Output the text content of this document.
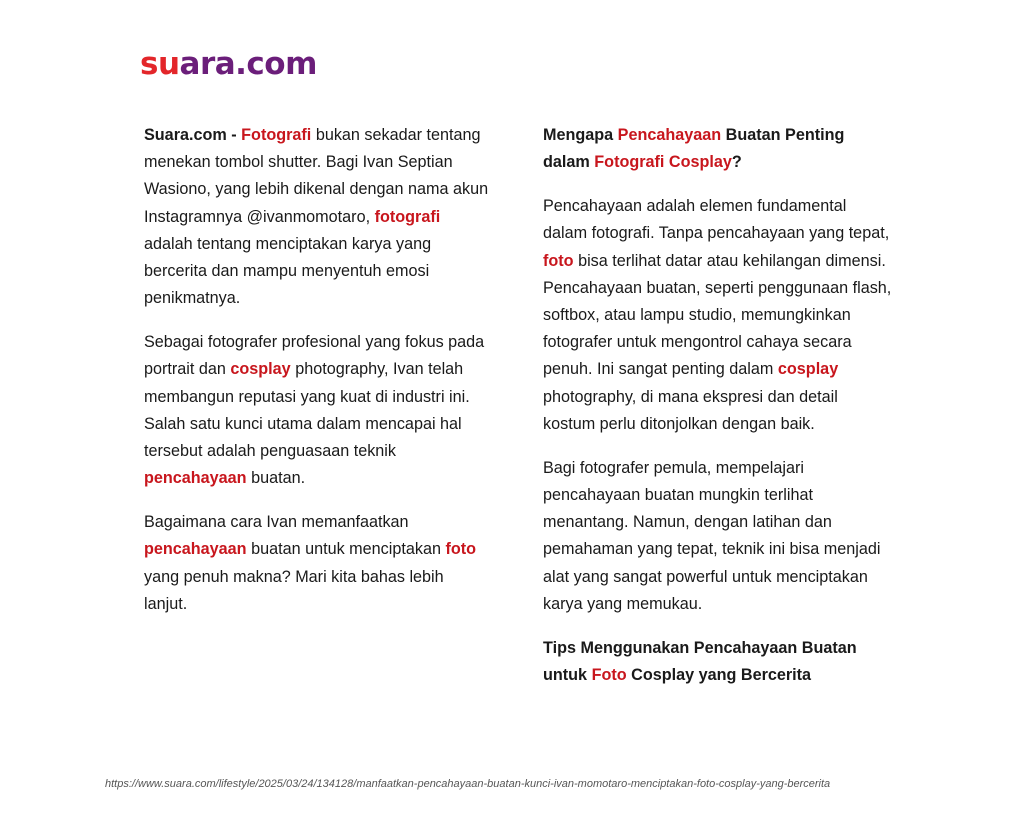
suara.com

Suara.com - Fotografi bukan sekadar tentang menekan tombol shutter. Bagi Ivan Septian Wasiono, yang lebih dikenal dengan nama akun Instagramnya @ivanmomotaro, fotografi adalah tentang menciptakan karya yang bercerita dan mampu menyentuh emosi penikmatnya.

Sebagai fotografer profesional yang fokus pada portrait dan cosplay photography, Ivan telah membangun reputasi yang kuat di industri ini. Salah satu kunci utama dalam mencapai hal tersebut adalah penguasaan teknik pencahayaan buatan.

Bagaimana cara Ivan memanfaatkan pencahayaan buatan untuk menciptakan foto yang penuh makna? Mari kita bahas lebih lanjut.

Mengapa Pencahayaan Buatan Penting dalam Fotografi Cosplay?

Pencahayaan adalah elemen fundamental dalam fotografi. Tanpa pencahayaan yang tepat, foto bisa terlihat datar atau kehilangan dimensi. Pencahayaan buatan, seperti penggunaan flash, softbox, atau lampu studio, memungkinkan fotografer untuk mengontrol cahaya secara penuh. Ini sangat penting dalam cosplay photography, di mana ekspresi dan detail kostum perlu ditonjolkan dengan baik.

Bagi fotografer pemula, mempelajari pencahayaan buatan mungkin terlihat menantang. Namun, dengan latihan dan pemahaman yang tepat, teknik ini bisa menjadi alat yang sangat powerful untuk menciptakan karya yang memukau.

Tips Menggunakan Pencahayaan Buatan untuk Foto Cosplay yang Bercerita
https://www.suara.com/lifestyle/2025/03/24/134128/manfaatkan-pencahayaan-buatan-kunci-ivan-momotaro-menciptakan-foto-cosplay-yang-bercerita
